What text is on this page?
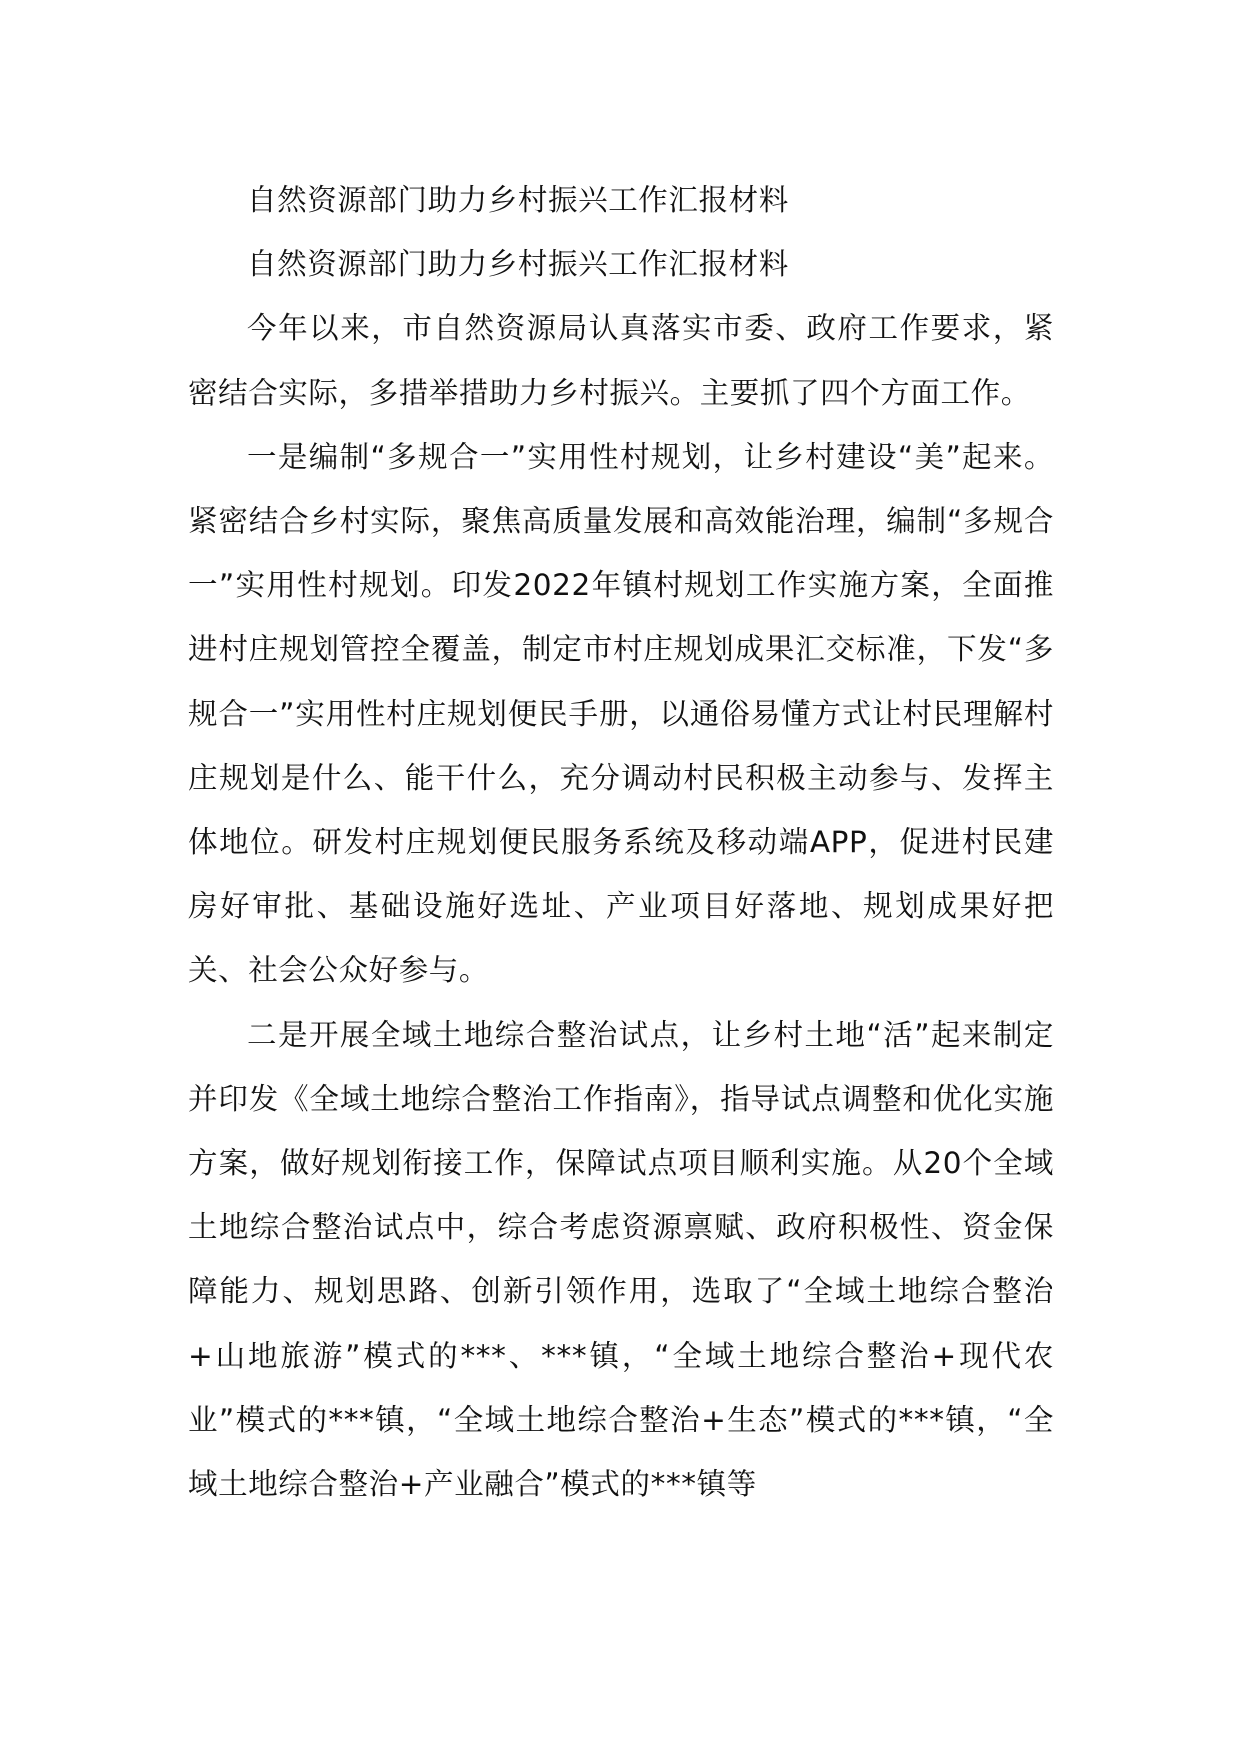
自然资源部门助力乡村振兴工作汇报材料

自然资源部门助力乡村振兴工作汇报材料

今年以来，市自然资源局认真落实市委、政府工作要求，紧密结合实际，多措举措助力乡村振兴。主要抓了四个方面工作。

一是编制“多规合一”实用性村规划，让乡村建设“美”起来。紧密结合乡村实际，聚焦高质量发展和高效能治理，编制“多规合一”实用性村规划。印发2022年镇村规划工作实施方案，全面推进村庄规划管控全覆盖，制定市村庄规划成果汇交标准，下发“多规合一”实用性村庄规划便民手册，以通俗易懂方式让村民理解村庄规划是什么、能干什么，充分调动村民积极主动参与、发挥主体地位。研发村庄规划便民服务系统及移动端APP，促进村民建房好审批、基础设施好选址、产业项目好落地、规划成果好把关、社会公众好参与。

二是开展全域土地综合整治试点，让乡村土地“活”起来制定并印发《全域土地综合整治工作指南》，指导试点调整和优化实施方案，做好规划衔接工作，保障试点项目顺利实施。从20个全域土地综合整治试点中，综合考虑资源禀赋、政府积极性、资金保障能力、规划思路、创新引领作用，选取了“全域土地综合整治+山地旅游”模式的***、***镇，“全域土地综合整治+现代农业”模式的***镇，“全域土地综合整治+生态”模式的***镇，“全域土地综合整治+产业融合”模式的***镇等
